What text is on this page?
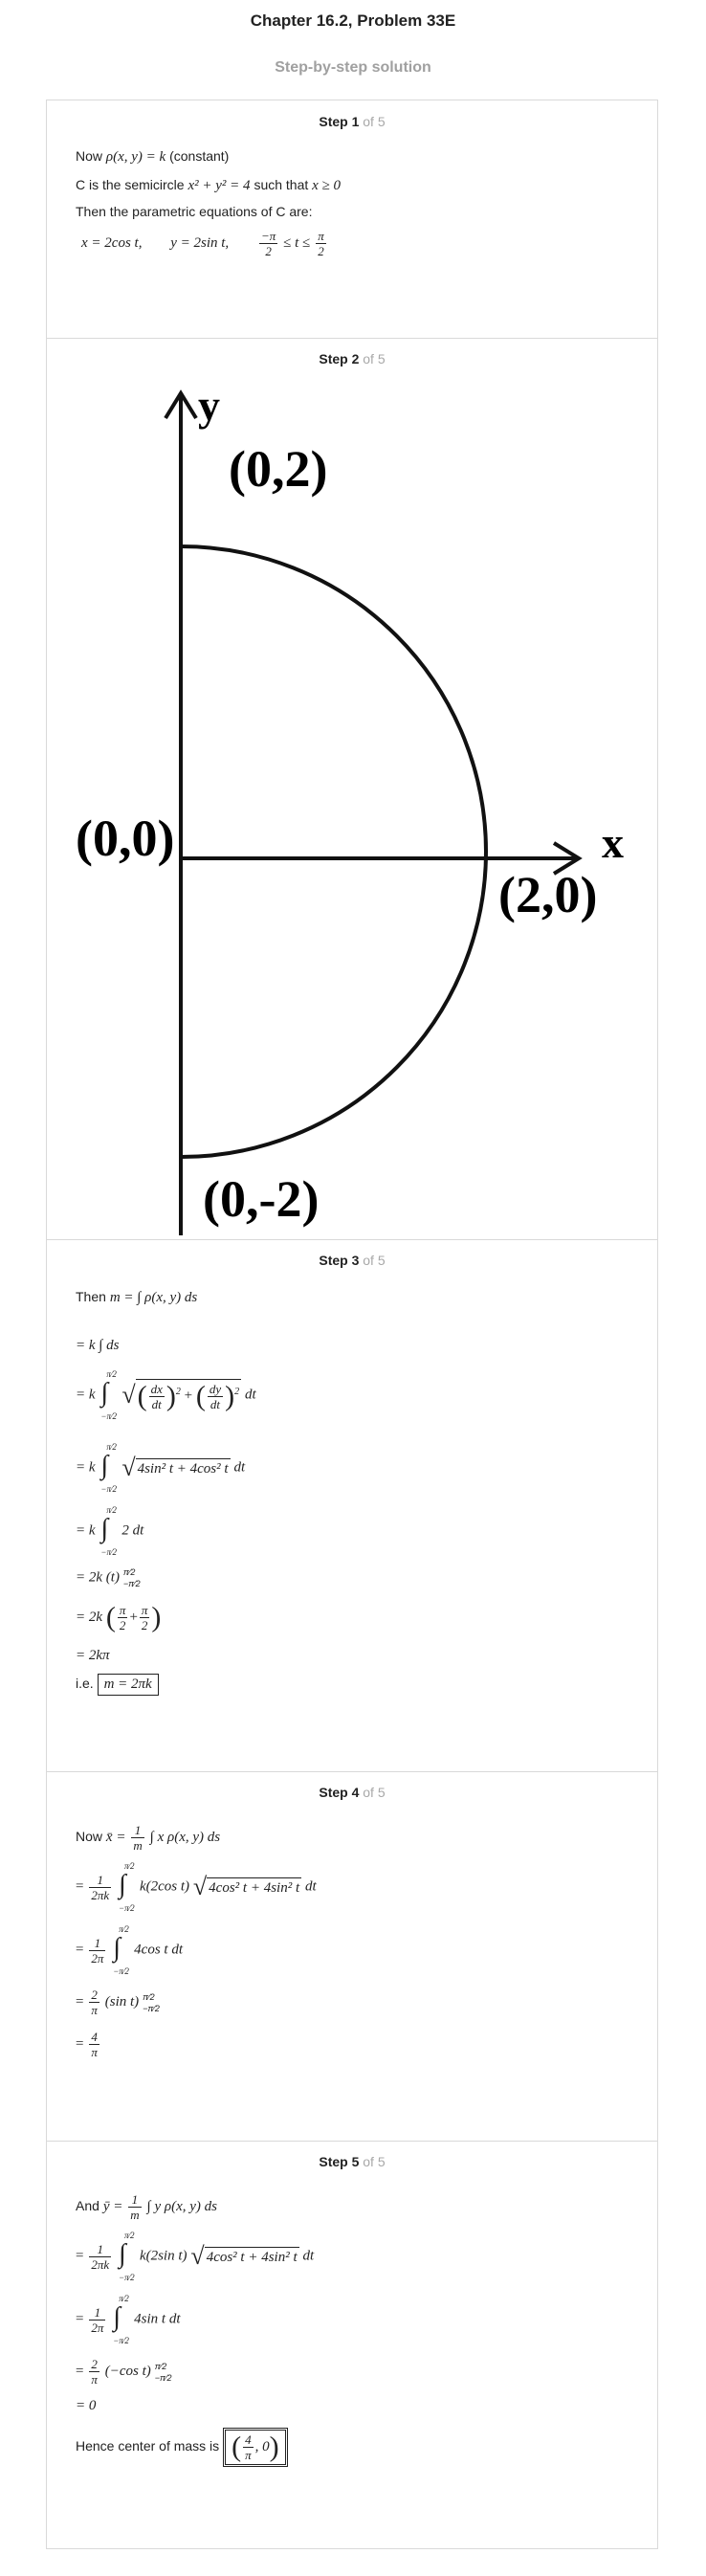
Chapter 16.2, Problem 33E
Step-by-step solution
Step 1 of 5
Now ρ(x, y) = k (constant)
C is the semicircle x² + y² = 4 such that x ≥ 0
Then the parametric equations of C are:
x = 2cos t, y = 2sin t, $\frac{-\pi}{2} \le t \le \frac{\pi}{2}$
Step 2 of 5
y
x
(0,2)
(0,0)
(2,0)
(0,-2)
Step 3 of 5
Then m = ∫ ρ(x, y) ds
= k ∫ ds
= k
π⁄2
∫
−π⁄2
√( $\frac{dx}{dt} )^2$ + ( $\frac{dy}{dt} )^2$ dt
= k
π⁄2
∫
−π⁄2
√ 4sin² t + 4cos² t dt
= k
π⁄2
∫
−π⁄2
2 dt
= 2k (t) π⁄2
−π⁄2
= 2k ( $\frac{\pi}{2} + \frac{\pi}{2}$ )
= 2kπ
i.e. m = 2πk
Step 4 of 5
Now x̄ = $\frac{1}{m}$ ∫ x ρ(x, y) ds
= $\frac{1}{2\pi k}$

π⁄2
∫
−π⁄2
k(2cos t) √ 4cos² t + 4sin² t dt
= $\frac{1}{2\pi}$

π⁄2
∫
−π⁄2
4cos t dt
= $\frac{2}{\pi} (\sin$ t) π⁄2
−π⁄2
= $\frac{4}{\pi}$
Step 5 of 5
And ȳ = $\frac{1}{m}$ ∫ y ρ(x, y) ds
= $\frac{1}{2\pi k}$

π⁄2
∫
−π⁄2
k(2sin t) √ 4cos² t + 4sin² t dt
= $\frac{1}{2\pi}$

π⁄2
∫
−π⁄2
4sin t dt
= $\frac{2}{\pi} (-\cos$ t) π⁄2
−π⁄2
= 0
Hence center of mass is ( $\frac{4}{\pi}$ , 0)
